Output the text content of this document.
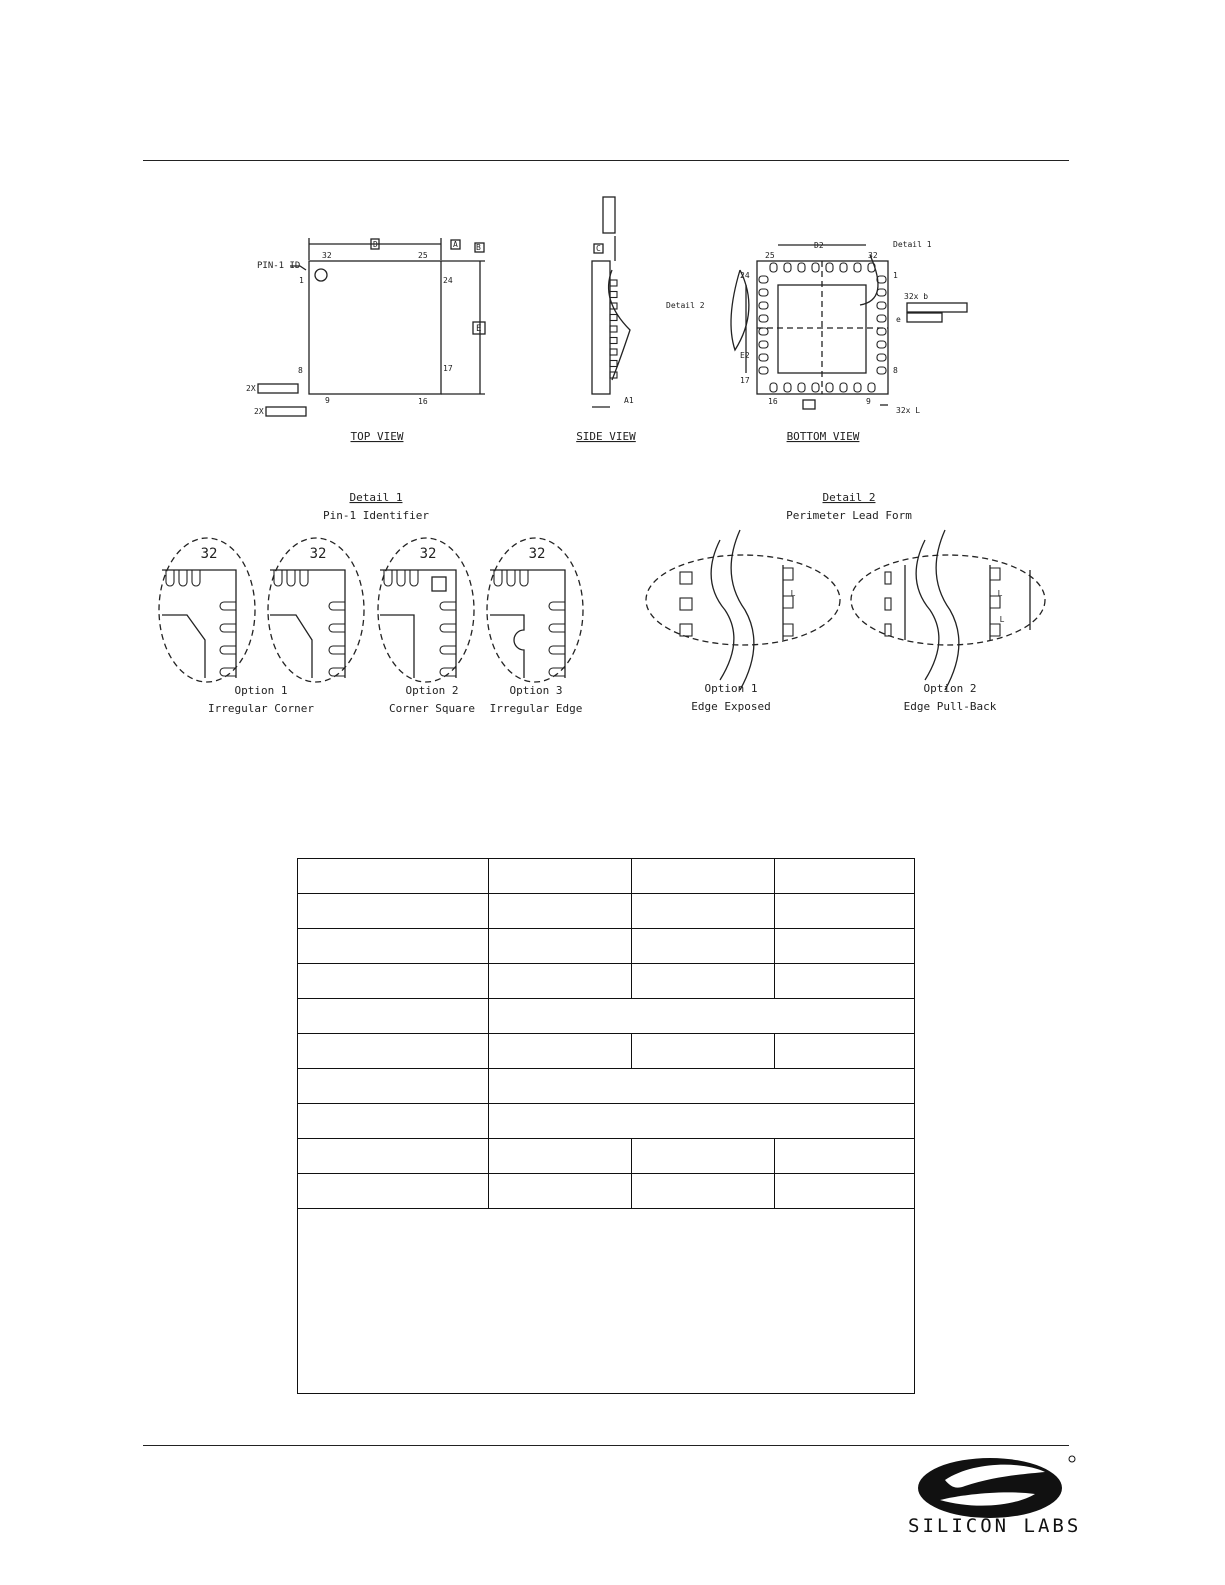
PIN-1 ID
D	A B
E
32	25
1	24
8	17
9	16
2X
2X
C
A1
D2
E2
Detail 1
Detail 2
25	32
24	1
17
8
16	9
32x b
32x L
e
TOP VIEW	SIDE VIEW	BOTTOM VIEW
Detail 1
Pin-1 Identifier
Detail 2
Perimeter Lead Form
32	32	32	32
Option 1
Irregular Corner
Option 2
Corner Square
Option 3
Irregular Edge
Option 1
Edge Exposed
Option 2
Edge Pull-Back
L	L
L

SILICON LABS
